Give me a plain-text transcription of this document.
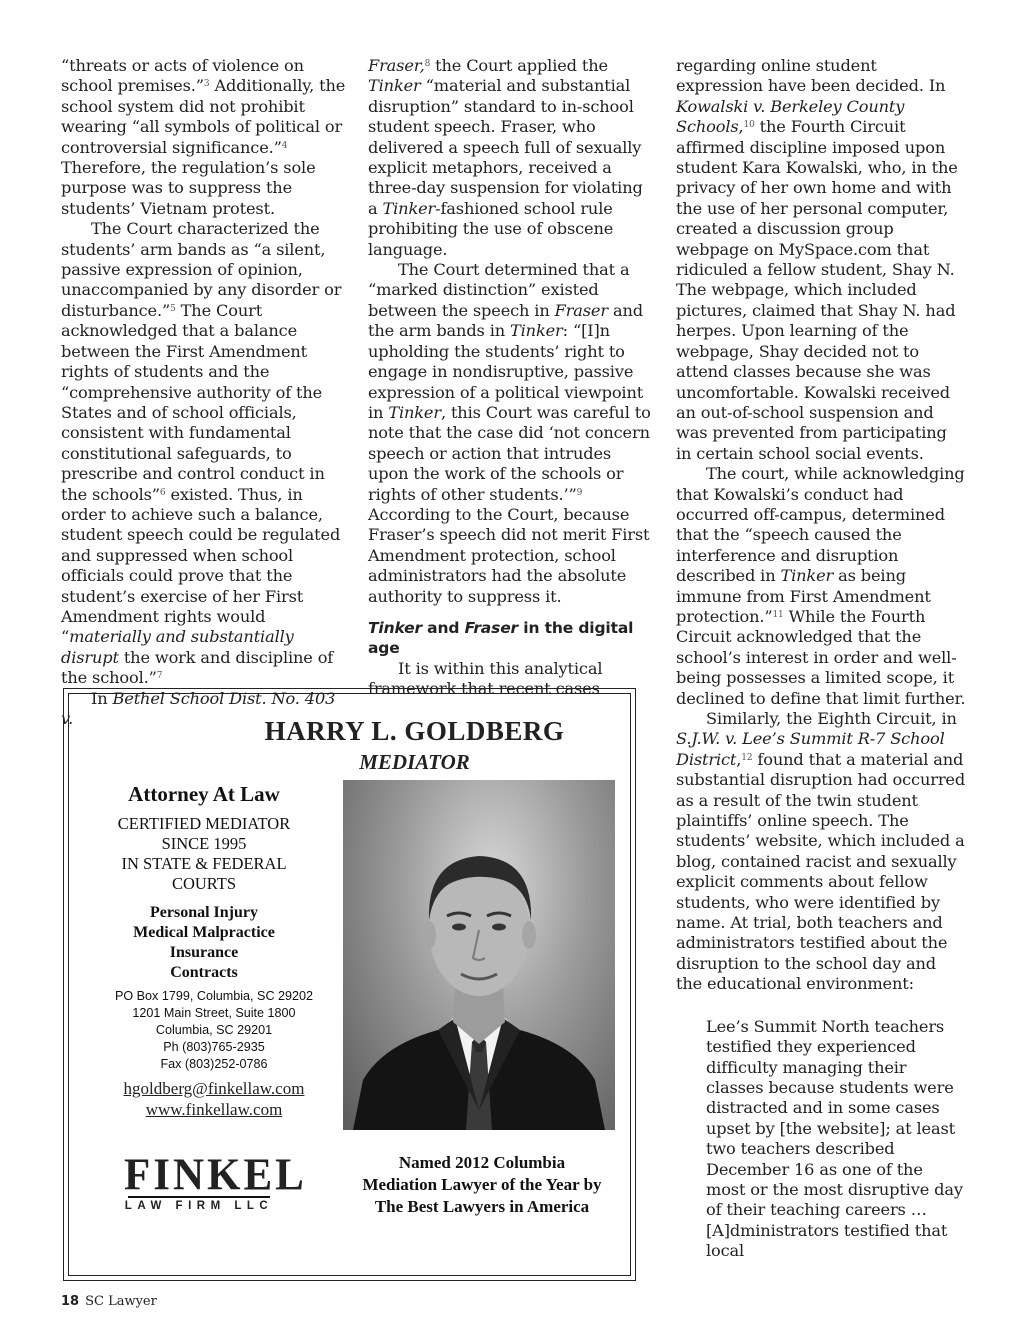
“threats or acts of violence on school premises.”$^3$ Additionally, the school system did not prohibit wearing “all symbols of political or controversial significance.”$^4$ Therefore, the regulation’s sole purpose was to suppress the students’ Vietnam protest.

The Court characterized the students’ arm bands as “a silent, passive expression of opinion, unaccompanied by any disorder or disturbance.”$^5$ The Court acknowledged that a balance between the First Amendment rights of students and the “comprehensive authority of the States and of school officials, consistent with fundamental constitutional safeguards, to prescribe and control conduct in the schools”$^6$ existed. Thus, in order to achieve such a balance, student speech could be regulated and suppressed when school officials could prove that the student’s exercise of her First Amendment rights would “materially and substantially disrupt the work and discipline of the school.”$^7$

In Bethel School Dist. No. 403 v.

Fraser,$^8$ the Court applied the Tinker “material and substantial disruption” standard to in-school student speech. Fraser, who delivered a speech full of sexually explicit metaphors, received a three-day suspension for violating a Tinker-fashioned school rule prohibiting the use of obscene language.

The Court determined that a “marked distinction” existed between the speech in Fraser and the arm bands in Tinker: “[I]n upholding the students’ right to engage in nondisruptive, passive expression of a political viewpoint in Tinker, this Court was careful to note that the case did ‘not concern speech or action that intrudes upon the work of the schools or rights of other students.’”$^9$ According to the Court, because Fraser’s speech did not merit First Amendment protection, school administrators had the absolute authority to suppress it.

Tinker and Fraser in the digital age

It is within this analytical framework that recent cases

regarding online student expression have been decided. In Kowalski v. Berkeley County Schools,$^{10}$ the Fourth Circuit affirmed discipline imposed upon student Kara Kowalski, who, in the privacy of her own home and with the use of her personal computer, created a discussion group webpage on MySpace.com that ridiculed a fellow student, Shay N. The webpage, which included pictures, claimed that Shay N. had herpes. Upon learning of the webpage, Shay decided not to attend classes because she was uncomfortable. Kowalski received an out-of-school suspension and was prevented from participating in certain school social events.

The court, while acknowledging that Kowalski’s conduct had occurred off-campus, determined that the “speech caused the interference and disruption described in Tinker as being immune from First Amendment protection.”$^{11}$ While the Fourth Circuit acknowledged that the school’s interest in order and well-being possesses a limited scope, it declined to define that limit further.

Similarly, the Eighth Circuit, in S.J.W. v. Lee’s Summit R-7 School District,$^{12}$ found that a material and substantial disruption had occurred as a result of the twin student plaintiffs’ online speech. The students’ website, which included a blog, contained racist and sexually explicit comments about fellow students, who were identified by name. At trial, both teachers and administrators testified about the disruption to the school day and the educational environment:

Lee’s Summit North teachers testified they experienced difficulty managing their classes because students were distracted and in some cases upset by [the website]; at least two teachers described December 16 as one of the most or the most disruptive day of their teaching careers … [A]dministrators testified that local

HARRY L. GOLDBERG
MEDIATOR
Attorney At Law
CERTIFIED MEDIATOR
SINCE 1995
IN STATE & FEDERAL
COURTS
Personal Injury
Medical Malpractice
Insurance
Contracts
PO Box 1799, Columbia, SC 29202
1201 Main Street, Suite 1800
Columbia, SC 29201
Ph (803)765-2935
Fax (803)252-0786
hgoldberg@finkellaw.com
www.finkellaw.com
FINKEL
LAW FIRM LLC
Named 2012 Columbia
Mediation Lawyer of the Year by
The Best Lawyers in America
18 SC Lawyer
